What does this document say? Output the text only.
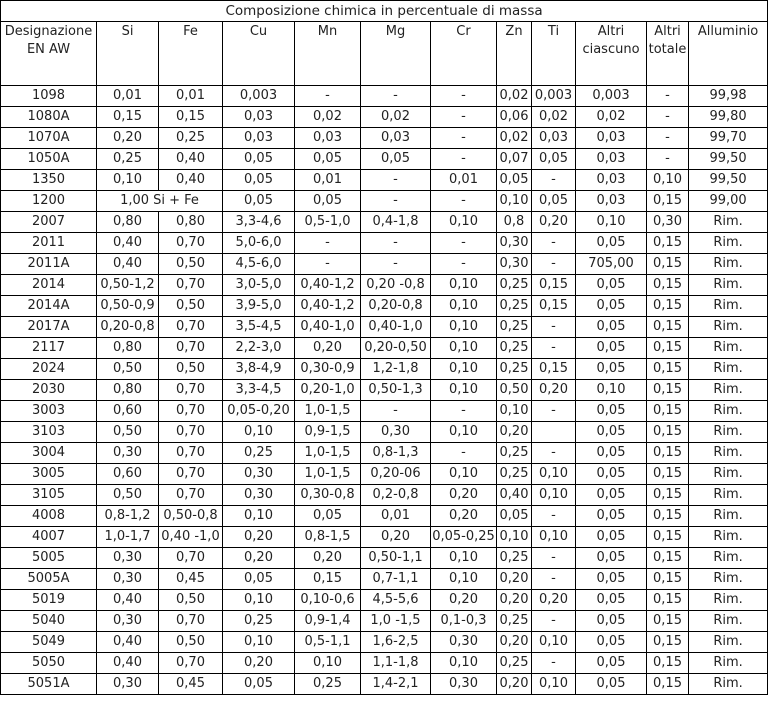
Composizione chimica in percentuale di massa											
Designazione EN AW	Si	Fe	Cu	Mn	Mg	Cr	Zn	Ti	Altri ciascuno	Altri totale	Alluminio
1098	0,01	0,01	0,003	-	-	-	0,02	0,003	0,003	-	99,98
1080A	0,15	0,15	0,03	0,02	0,02	-	0,06	0,02	0,02	-	99,80
1070A	0,20	0,25	0,03	0,03	0,03	-	0,02	0,03	0,03	-	99,70
1050A	0,25	0,40	0,05	0,05	0,05	-	0,07	0,05	0,03	-	99,50
1350	0,10	0,40	0,05	0,01	-	0,01	0,05	-	0,03	0,10	99,50
1200	1,00 Si + Fe		0,05	0,05	-	-	0,10	0,05	0,03	0,15	99,00
2007	0,80	0,80	3,3-4,6	0,5-1,0	0,4-1,8	0,10	0,8	0,20	0,10	0,30	Rim.
2011	0,40	0,70	5,0-6,0	-	-	-	0,30	-	0,05	0,15	Rim.
2011A	0,40	0,50	4,5-6,0	-	-	-	0,30	-	705,00	0,15	Rim.
2014	0,50-1,2	0,70	3,0-5,0	0,40-1,2	0,20 -0,8	0,10	0,25	0,15	0,05	0,15	Rim.
2014A	0,50-0,9	0,50	3,9-5,0	0,40-1,2	0,20-0,8	0,10	0,25	0,15	0,05	0,15	Rim.
2017A	0,20-0,8	0,70	3,5-4,5	0,40-1,0	0,40-1,0	0,10	0,25	-	0,05	0,15	Rim.
2117	0,80	0,70	2,2-3,0	0,20	0,20-0,50	0,10	0,25	-	0,05	0,15	Rim.
2024	0,50	0,50	3,8-4,9	0,30-0,9	1,2-1,8	0,10	0,25	0,15	0,05	0,15	Rim.
2030	0,80	0,70	3,3-4,5	0,20-1,0	0,50-1,3	0,10	0,50	0,20	0,10	0,15	Rim.
3003	0,60	0,70	0,05-0,20	1,0-1,5	-	-	0,10	-	0,05	0,15	Rim.
3103	0,50	0,70	0,10	0,9-1,5	0,30	0,10	0,20		0,05	0,15	Rim.
3004	0,30	0,70	0,25	1,0-1,5	0,8-1,3	-	0,25	-	0,05	0,15	Rim.
3005	0,60	0,70	0,30	1,0-1,5	0,20-06	0,10	0,25	0,10	0,05	0,15	Rim.
3105	0,50	0,70	0,30	0,30-0,8	0,2-0,8	0,20	0,40	0,10	0,05	0,15	Rim.
4008	0,8-1,2	0,50-0,8	0,10	0,05	0,01	0,20	0,05	-	0,05	0,15	Rim.
4007	1,0-1,7	0,40 -1,0	0,20	0,8-1,5	0,20	0,05-0,25	0,10	0,10	0,05	0,15	Rim.
5005	0,30	0,70	0,20	0,20	0,50-1,1	0,10	0,25	-	0,05	0,15	Rim.
5005A	0,30	0,45	0,05	0,15	0,7-1,1	0,10	0,20	-	0,05	0,15	Rim.
5019	0,40	0,50	0,10	0,10-0,6	4,5-5,6	0,20	0,20	0,20	0,05	0,15	Rim.
5040	0,30	0,70	0,25	0,9-1,4	1,0 -1,5	0,1-0,3	0,25	-	0,05	0,15	Rim.
5049	0,40	0,50	0,10	0,5-1,1	1,6-2,5	0,30	0,20	0,10	0,05	0,15	Rim.
5050	0,40	0,70	0,20	0,10	1,1-1,8	0,10	0,25	-	0,05	0,15	Rim.
5051A	0,30	0,45	0,05	0,25	1,4-2,1	0,30	0,20	0,10	0,05	0,15	Rim.
